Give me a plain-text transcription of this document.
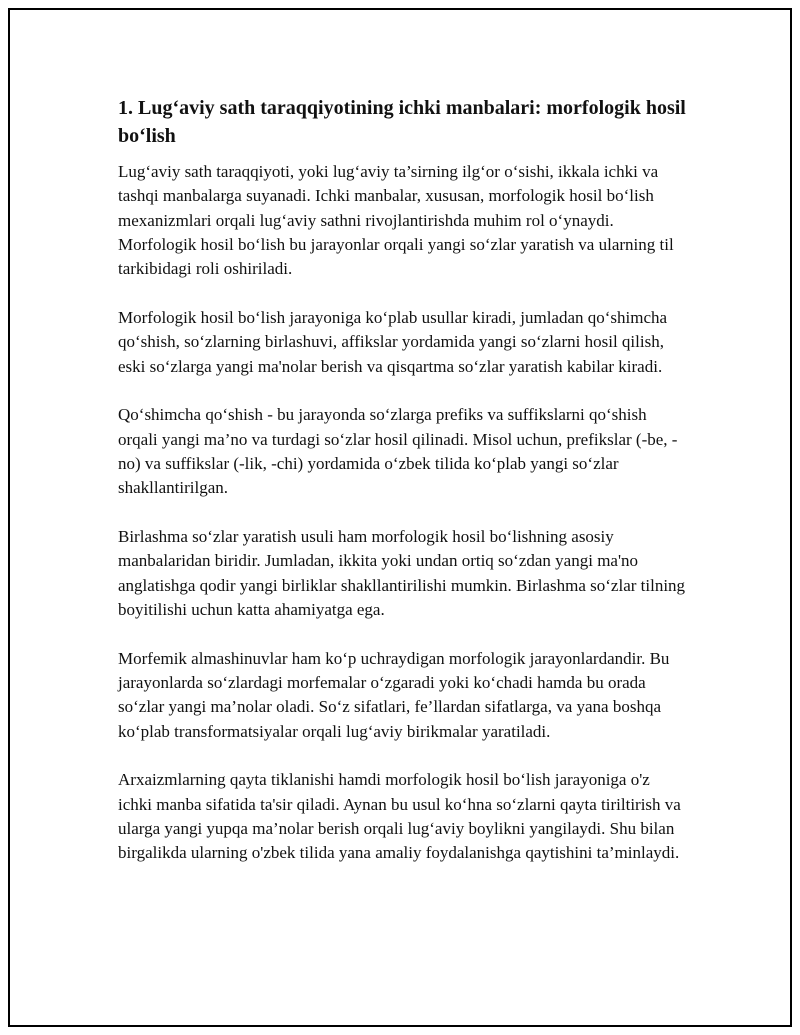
1. Lug‘aviy sath taraqqiyotining ichki manbalari: morfologik hosil bo‘lish

Lug‘aviy sath taraqqiyoti, yoki lug‘aviy ta’sirning ilg‘or o‘sishi, ikkala ichki va tashqi manbalarga suyanadi. Ichki manbalar, xususan, morfologik hosil bo‘lish mexanizmlari orqali lug‘aviy sathni rivojlantirishda muhim rol o‘ynaydi. Morfologik hosil bo‘lish bu jarayonlar orqali yangi so‘zlar yaratish va ularning til tarkibidagi roli oshiriladi.

Morfologik hosil bo‘lish jarayoniga ko‘plab usullar kiradi, jumladan qo‘shimcha qo‘shish, so‘zlarning birlashuvi, affikslar yordamida yangi so‘zlarni hosil qilish, eski so‘zlarga yangi ma'nolar berish va qisqartma so‘zlar yaratish kabilar kiradi.

Qo‘shimcha qo‘shish - bu jarayonda so‘zlarga prefiks va suffikslarni qo‘shish orqali yangi ma’no va turdagi so‘zlar hosil qilinadi. Misol uchun, prefikslar (-be, -no) va suffikslar (-lik, -chi) yordamida o‘zbek tilida ko‘plab yangi so‘zlar shakllantirilgan.

Birlashma so‘zlar yaratish usuli ham morfologik hosil bo‘lishning asosiy manbalaridan biridir. Jumladan, ikkita yoki undan ortiq so‘zdan yangi ma'no anglatishga qodir yangi birliklar shakllantirilishi mumkin. Birlashma so‘zlar tilning boyitilishi uchun katta ahamiyatga ega.

Morfemik almashinuvlar ham ko‘p uchraydigan morfologik jarayonlardandir. Bu jarayonlarda so‘zlardagi morfemalar o‘zgaradi yoki ko‘chadi hamda bu orada so‘zlar yangi ma’nolar oladi. So‘z sifatlari, fe’llardan sifatlarga, va yana boshqa ko‘plab transformatsiyalar orqali lug‘aviy birikmalar yaratiladi.

Arxaizmlarning qayta tiklanishi hamdi morfologik hosil bo‘lish jarayoniga o'z ichki manba sifatida ta'sir qiladi. Aynan bu usul ko‘hna so‘zlarni qayta tiriltirish va ularga yangi yupqa ma’nolar berish orqali lug‘aviy boylikni yangilaydi. Shu bilan birgalikda ularning o'zbek tilida yana amaliy foydalanishga qaytishini ta’minlaydi.
